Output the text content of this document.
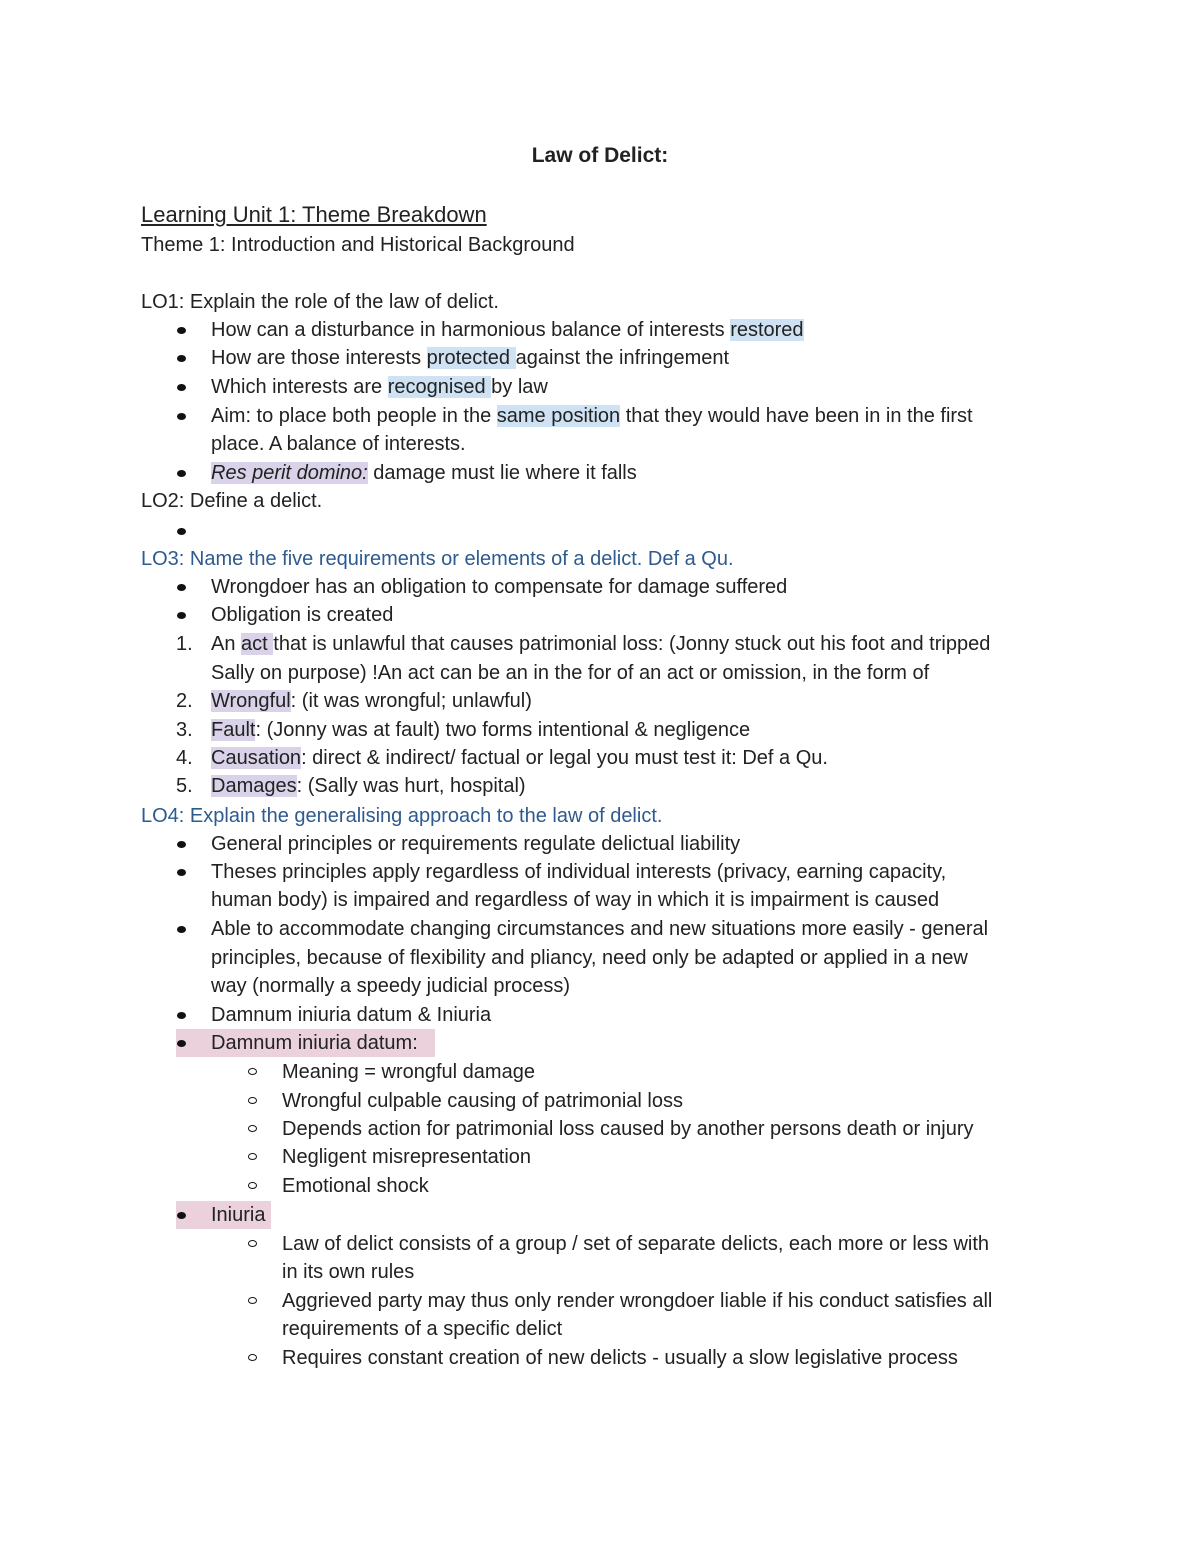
Law of Delict:
Learning Unit 1: Theme Breakdown
Theme 1: Introduction and Historical Background
LO1: Explain the role of the law of delict.
How can a disturbance in harmonious balance of interests restored
How are those interests protected against the infringement
Which interests are recognised by law
Aim: to place both people in the same position that they would have been in in the first
place. A balance of interests.
Res perit domino: damage must lie where it falls
LO2: Define a delict.
LO3: Name the five requirements or elements of a delict. Def a Qu.
Wrongdoer has an obligation to compensate for damage suffered
Obligation is created
1. An act that is unlawful that causes patrimonial loss: (Jonny stuck out his foot and tripped
Sally on purpose) !An act can be an in the for of an act or omission, in the form of
2. Wrongful: (it was wrongful; unlawful)
3. Fault: (Jonny was at fault) two forms intentional & negligence
4. Causation: direct & indirect/ factual or legal you must test it: Def a Qu.
5. Damages: (Sally was hurt, hospital)
LO4: Explain the generalising approach to the law of delict.
General principles or requirements regulate delictual liability
Theses principles apply regardless of individual interests (privacy, earning capacity,
human body) is impaired and regardless of way in which it is impairment is caused
Able to accommodate changing circumstances and new situations more easily - general
principles, because of flexibility and pliancy, need only be adapted or applied in a new
way (normally a speedy judicial process)
Damnum iniuria datum & Iniuria
Damnum iniuria datum:
Meaning = wrongful damage
Wrongful culpable causing of patrimonial loss
Depends action for patrimonial loss caused by another persons death or injury
Negligent misrepresentation
Emotional shock
Iniuria
Law of delict consists of a group / set of separate delicts, each more or less with
in its own rules
Aggrieved party may thus only render wrongdoer liable if his conduct satisfies all
requirements of a specific delict
Requires constant creation of new delicts - usually a slow legislative process
